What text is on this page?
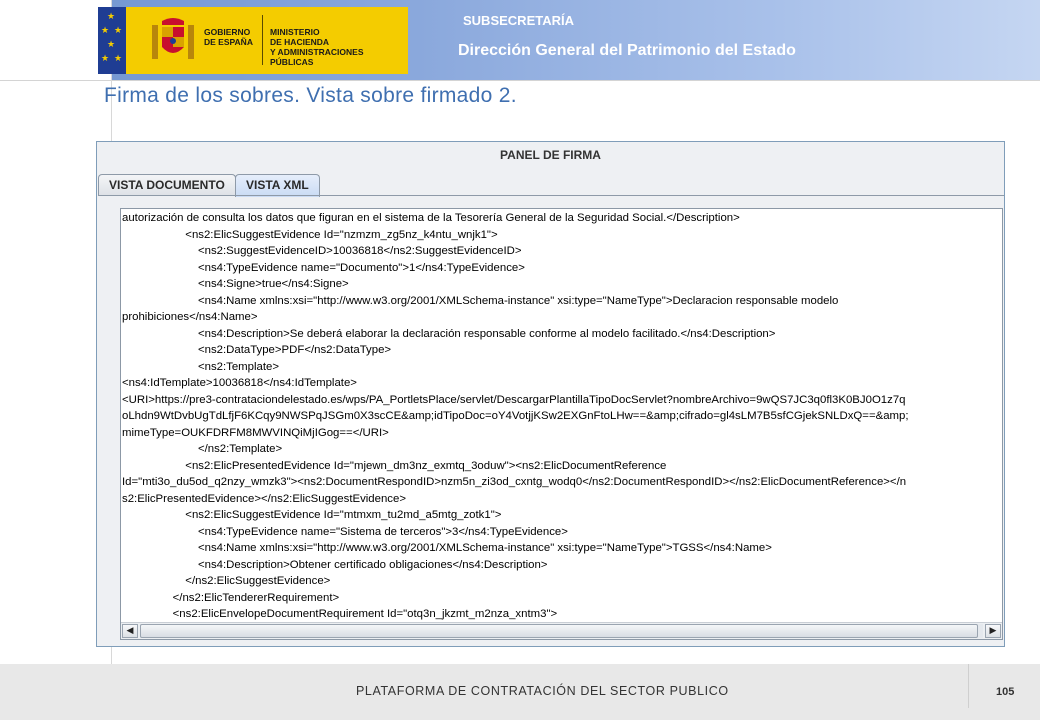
★
★ ★
★
★ ★
GOBIERNO
DE ESPAÑA
MINISTERIO
DE HACIENDA
Y ADMINISTRACIONES PÚBLICAS
SUBSECRETARÍA
Dirección General del Patrimonio del Estado
Firma de los sobres. Vista sobre firmado 2.
PANEL DE FIRMA
VISTA DOCUMENTO	VISTA XML
autorización de consulta los datos que figuran en el sistema de la Tesorería General de la Seguridad Social.</Description>
<ns2:ElicSuggestEvidence Id="nzmzm_zg5nz_k4ntu_wnjk1">
<ns2:SuggestEvidenceID>10036818</ns2:SuggestEvidenceID>
<ns4:TypeEvidence name="Documento">1</ns4:TypeEvidence>
<ns4:Signe>true</ns4:Signe>
<ns4:Name xmlns:xsi="http://www.w3.org/2001/XMLSchema-instance" xsi:type="NameType">Declaracion responsable modelo
prohibiciones</ns4:Name>
<ns4:Description>Se deberá elaborar la declaración responsable conforme al modelo facilitado.</ns4:Description>
<ns2:DataType>PDF</ns2:DataType>
<ns2:Template>
<ns4:IdTemplate>10036818</ns4:IdTemplate>
<URI>https://pre3-contrataciondelestado.es/wps/PA_PortletsPlace/servlet/DescargarPlantillaTipoDocServlet?nombreArchivo=9wQS7JC3q0fl3K0BJ0O1z7q
oLhdn9WtDvbUgTdLfjF6KCqy9NWSPqJSGm0X3scCE&amp;idTipoDoc=oY4VotjjKSw2EXGnFtoLHw==&amp;cifrado=gl4sLM7B5sfCGjekSNLDxQ==&amp;
mimeType=OUKFDRFM8MWVINQiMjIGog==</URI>
</ns2:Template>
<ns2:ElicPresentedEvidence Id="mjewn_dm3nz_exmtq_3oduw"><ns2:ElicDocumentReference
Id="mti3o_du5od_q2nzy_wmzk3"><ns2:DocumentRespondID>nzm5n_zi3od_cxntg_wodq0</ns2:DocumentRespondID></ns2:ElicDocumentReference></n
s2:ElicPresentedEvidence></ns2:ElicSuggestEvidence>
<ns2:ElicSuggestEvidence Id="mtmxm_tu2md_a5mtg_zotk1">
<ns4:TypeEvidence name="Sistema de terceros">3</ns4:TypeEvidence>
<ns4:Name xmlns:xsi="http://www.w3.org/2001/XMLSchema-instance" xsi:type="NameType">TGSS</ns4:Name>
<ns4:Description>Obtener certificado obligaciones</ns4:Description>
</ns2:ElicSuggestEvidence>
</ns2:ElicTendererRequirement>
<ns2:ElicEnvelopeDocumentRequirement Id="otq3n_jkzmt_m2nza_xntm3">
◀	▶
PLATAFORMA DE CONTRATACIÓN DEL SECTOR PUBLICO	105
